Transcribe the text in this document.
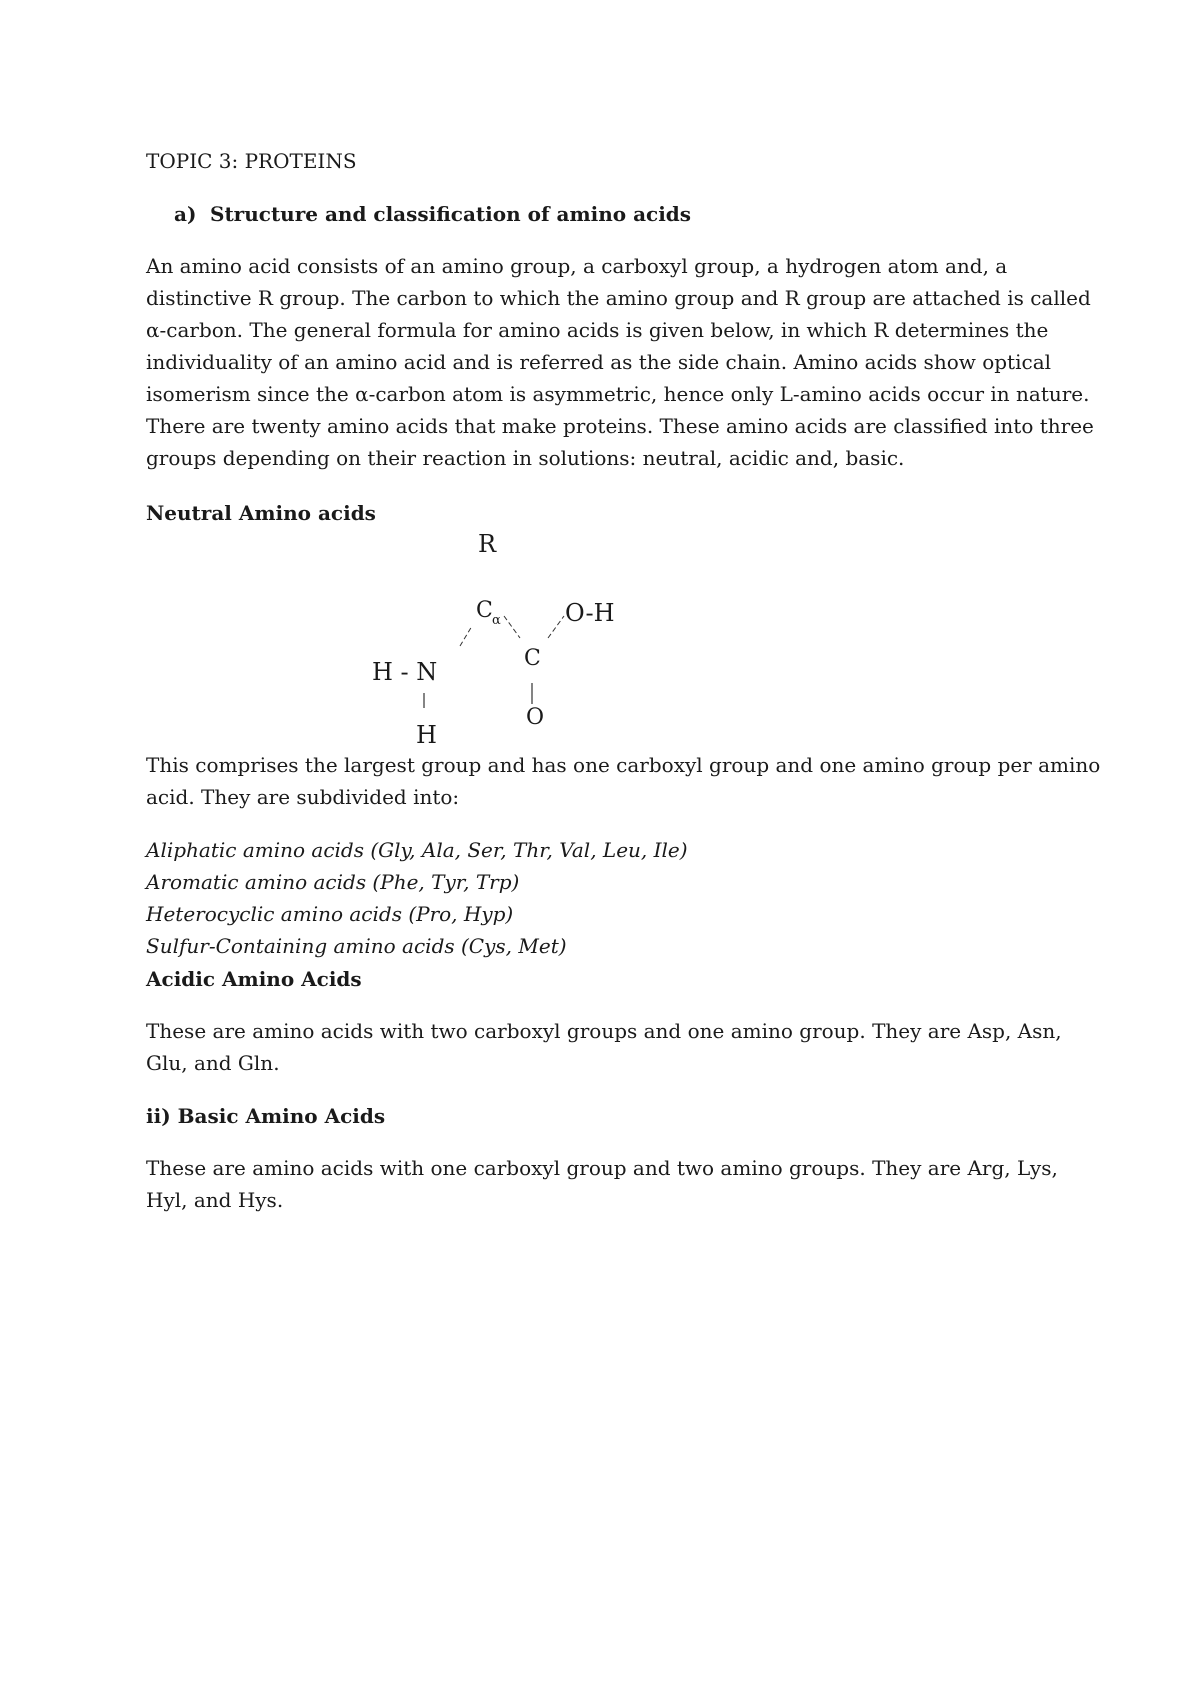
TOPIC 3: PROTEINS

a) Structure and classification of amino acids

An amino acid consists of an amino group, a carboxyl group, a hydrogen atom and, a
distinctive R group. The carbon to which the amino group and R group are attached is called
α-carbon. The general formula for amino acids is given below, in which R determines the
individuality of an amino acid and is referred as the side chain. Amino acids show optical
isomerism since the α-carbon atom is asymmetric, hence only L-amino acids occur in nature.
There are twenty amino acids that make proteins. These amino acids are classified into three
groups depending on their reaction in solutions: neutral, acidic and, basic.

Neutral Amino acids

R
C α	O-H
H - N	C
O
H

This comprises the largest group and has one carboxyl group and one amino group per amino
acid. They are subdivided into:

Aliphatic amino acids (Gly, Ala, Ser, Thr, Val, Leu, Ile)
Aromatic amino acids (Phe, Tyr, Trp)
Heterocyclic amino acids (Pro, Hyp)
Sulfur-Containing amino acids (Cys, Met)

Acidic Amino Acids

These are amino acids with two carboxyl groups and one amino group. They are Asp, Asn,
Glu, and Gln.

ii) Basic Amino Acids

These are amino acids with one carboxyl group and two amino groups. They are Arg, Lys,
Hyl, and Hys.
